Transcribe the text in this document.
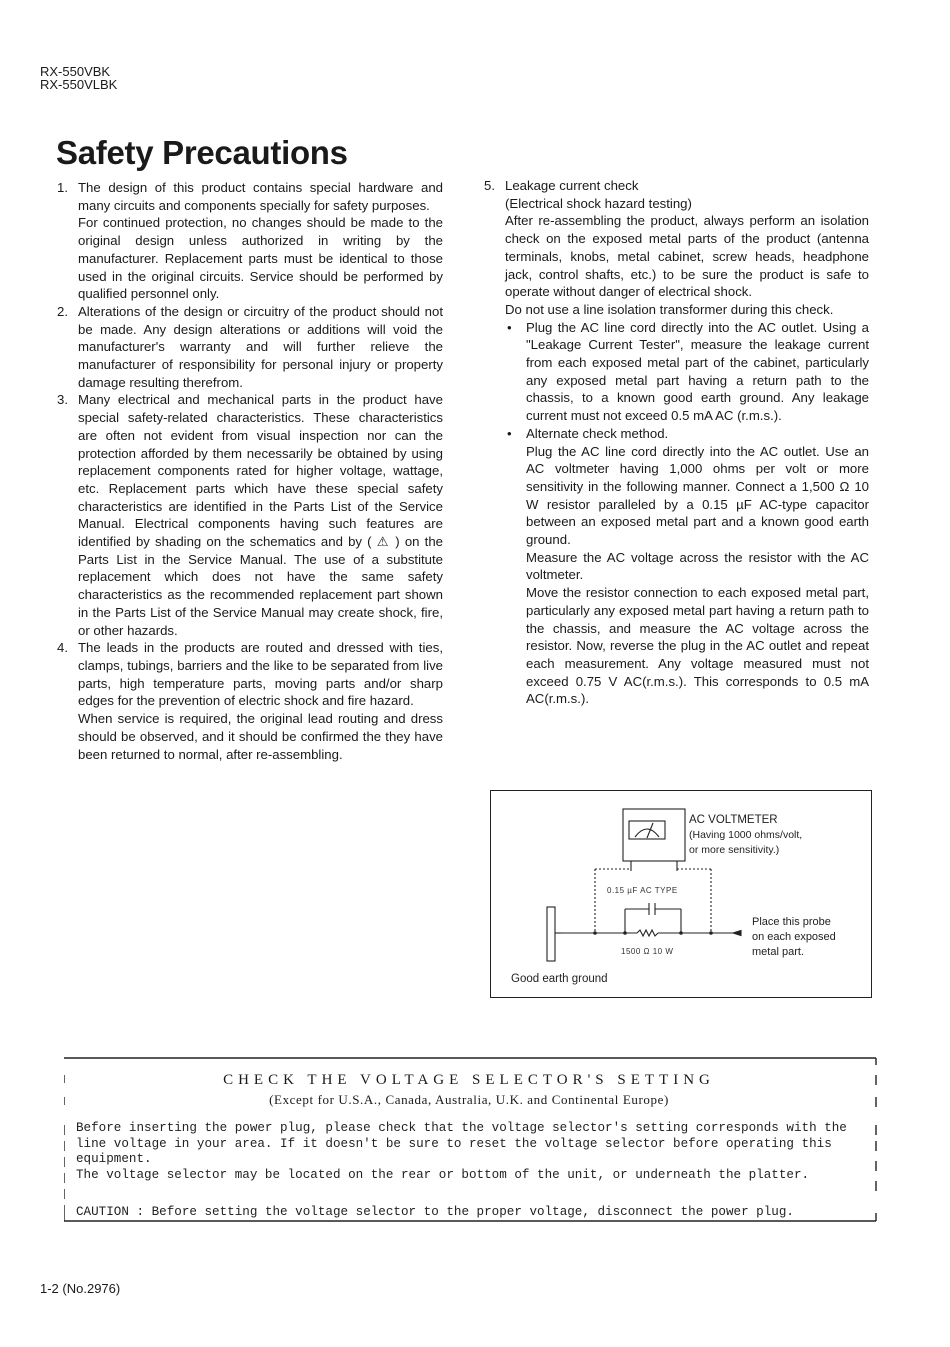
RX-550VBK
RX-550VLBK
Safety Precautions
1. The design of this product contains special hardware and many circuits and components specially for safety purposes.

For continued protection, no changes should be made to the original design unless authorized in writing by the manufacturer. Replacement parts must be identical to those used in the original circuits. Service should be performed by qualified personnel only.

2. Alterations of the design or circuitry of the product should not be made. Any design alterations or additions will void the manufacturer's warranty and will further relieve the manufacturer of responsibility for personal injury or property damage resulting therefrom.

3. Many electrical and mechanical parts in the product have special safety-related characteristics. These characteristics are often not evident from visual inspection nor can the protection afforded by them necessarily be obtained by using replacement components rated for higher voltage, wattage, etc. Replacement parts which have these special safety characteristics are identified in the Parts List of the Service Manual. Electrical components having such features are identified by shading on the schematics and by ( ⚠ ) on the Parts List in the Service Manual. The use of a substitute replacement which does not have the same safety characteristics as the recommended replacement part shown in the Parts List of the Service Manual may create shock, fire, or other hazards.

4. The leads in the products are routed and dressed with ties, clamps, tubings, barriers and the like to be separated from live parts, high temperature parts, moving parts and/or sharp edges for the prevention of electric shock and fire hazard.

When service is required, the original lead routing and dress should be observed, and it should be confirmed the they have been returned to normal, after re-assembling.

5. Leakage current check

(Electrical shock hazard testing)

After re-assembling the product, always perform an isolation check on the exposed metal parts of the product (antenna terminals, knobs, metal cabinet, screw heads, headphone jack, control shafts, etc.) to be sure the product is safe to operate without danger of electrical shock.

Do not use a line isolation transformer during this check.

• Plug the AC line cord directly into the AC outlet. Using a "Leakage Current Tester", measure the leakage current from each exposed metal part of the cabinet, particularly any exposed metal part having a return path to the chassis, to a known good earth ground. Any leakage current must not exceed 0.5 mA AC (r.m.s.).

• Alternate check method.

Plug the AC line cord directly into the AC outlet. Use an AC voltmeter having 1,000 ohms per volt or more sensitivity in the following manner. Connect a 1,500 Ω 10 W resistor paralleled by a 0.15 µF AC-type capacitor between an exposed metal part and a known good earth ground.

Measure the AC voltage across the resistor with the AC voltmeter.

Move the resistor connection to each exposed metal part, particularly any exposed metal part having a return path to the chassis, and measure the AC voltage across the resistor. Now, reverse the plug in the AC outlet and repeat each measurement. Any voltage measured must not exceed 0.75 V AC(r.m.s.). This corresponds to 0.5 mA AC(r.m.s.).

AC VOLTMETER
(Having 1000 ohms/volt,
or more sensitivity.)
0.15 µF AC TYPE
1500 Ω 10 W
Place this probe
on each exposed
metal part.
Good earth ground
CHECK THE VOLTAGE SELECTOR'S SETTING
(Except for U.S.A., Canada, Australia, U.K. and Continental Europe)

Before inserting the power plug, please check that the voltage selector's setting corresponds with the line voltage in your area. If it doesn't be sure to reset the voltage selector before operating this equipment.

The voltage selector may be located on the rear or bottom of the unit, or underneath the platter.

CAUTION : Before setting the voltage selector to the proper voltage, disconnect the power plug.
1-2 (No.2976)
